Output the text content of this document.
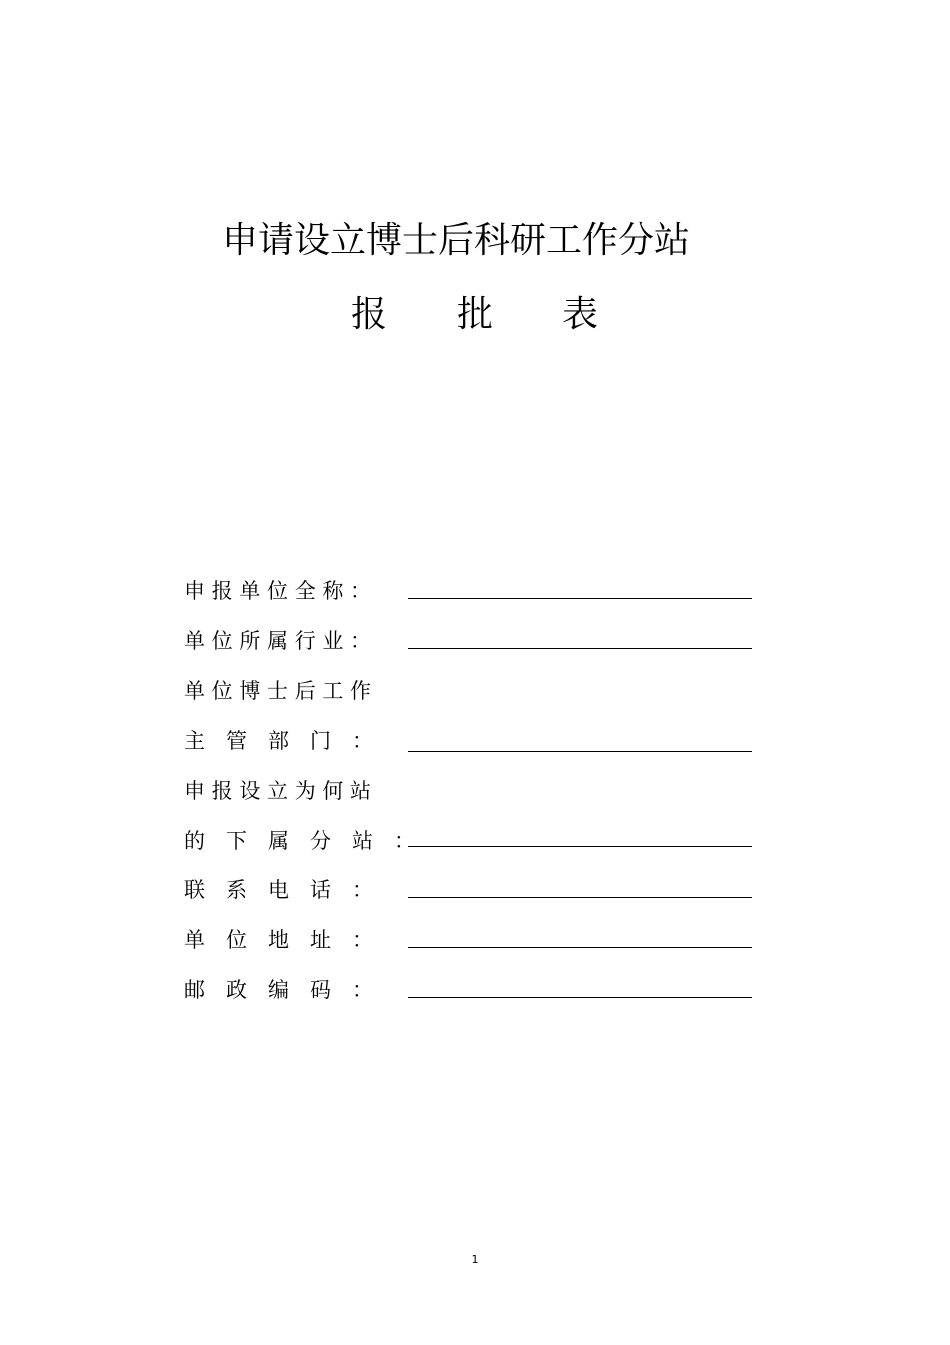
申请设立博士后科研工作分站
报 批 表
申 报 单 位 全 称 ：
单 位 所 属 行 业 ：
单 位 博 士 后 工 作
主　管　部　门　：
申 报 设 立 为 何 站
的　下　属　分　站　：
联　系　电　话　：
单　位　地　址　：
邮　政　编　码　：
1
